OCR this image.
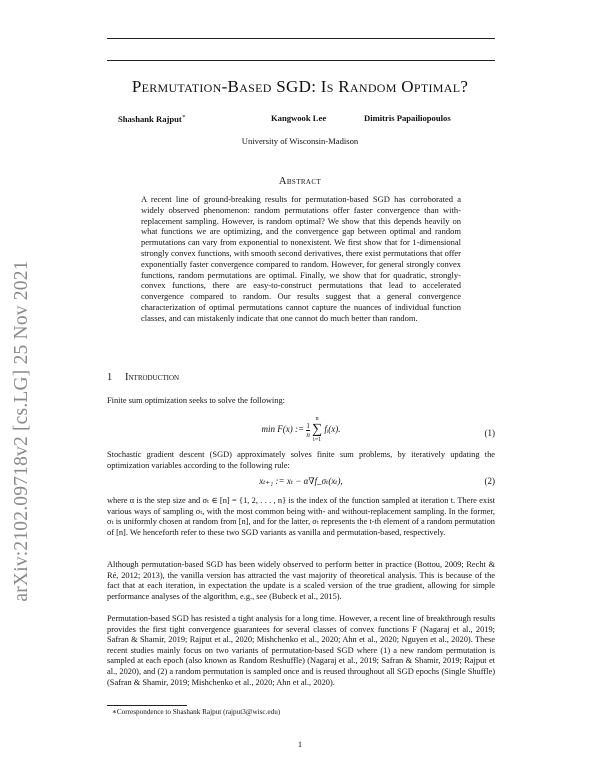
arXiv:2102.09718v2 [cs.LG] 25 Nov 2021
Permutation-Based SGD: Is Random Optimal?
Shashank Rajput∗	Kangwook Lee	Dimitris Papailiopoulos
University of Wisconsin-Madison
Abstract

A recent line of ground-breaking results for permutation-based SGD has corroborated a widely observed phenomenon: random permutations offer faster convergence than with-replacement sampling. However, is random optimal? We show that this depends heavily on what functions we are optimizing, and the convergence gap between optimal and random permutations can vary from exponential to nonexistent. We first show that for 1-dimensional strongly convex functions, with smooth second derivatives, there exist permutations that offer exponentially faster convergence compared to random. However, for general strongly convex functions, random permutations are optimal. Finally, we show that for quadratic, strongly-convex functions, there are easy-to-construct permutations that lead to accelerated convergence compared to random. Our results suggest that a general convergence characterization of optimal permutations cannot capture the nuances of individual function classes, and can mistakenly indicate that one cannot do much better than random.

1 Introduction

Finite sum optimization seeks to solve the following:

min F(x) := $\frac{1}{n}$

n
∑
i=1
fᵢ(x).	(1)

Stochastic gradient descent (SGD) approximately solves finite sum problems, by iteratively updating the optimization variables according to the following rule:

xₜ₊₁ := xₜ − α∇f_σₜ(xₜ),	(2)

where α is the step size and σₜ ∈ [n] = {1, 2, . . . , n} is the index of the function sampled at iteration t. There exist various ways of sampling σₜ, with the most common being with- and without-replacement sampling. In the former, σₜ is uniformly chosen at random from [n], and for the latter, σₜ represents the t-th element of a random permutation of [n]. We henceforth refer to these two SGD variants as vanilla and permutation-based, respectively.

Although permutation-based SGD has been widely observed to perform better in practice (Bottou, 2009; Recht & Ré, 2012; 2013), the vanilla version has attracted the vast majority of theoretical analysis. This is because of the fact that at each iteration, in expectation the update is a scaled version of the true gradient, allowing for simple performance analyses of the algorithm, e.g., see (Bubeck et al., 2015).

Permutation-based SGD has resisted a tight analysis for a long time. However, a recent line of breakthrough results provides the first tight convergence guarantees for several classes of convex functions F (Nagaraj et al., 2019; Safran & Shamir, 2019; Rajput et al., 2020; Mishchenko et al., 2020; Ahn et al., 2020; Nguyen et al., 2020). These recent studies mainly focus on two variants of permutation-based SGD where (1) a new random permutation is sampled at each epoch (also known as Random Reshuffle) (Nagaraj et al., 2019; Safran & Shamir, 2019; Rajput et al., 2020), and (2) a random permutation is sampled once and is reused throughout all SGD epochs (Single Shuffle) (Safran & Shamir, 2019; Mishchenko et al., 2020; Ahn et al., 2020).

∗Correspondence to Shashank Rajput (rajput3@wisc.edu)
1
